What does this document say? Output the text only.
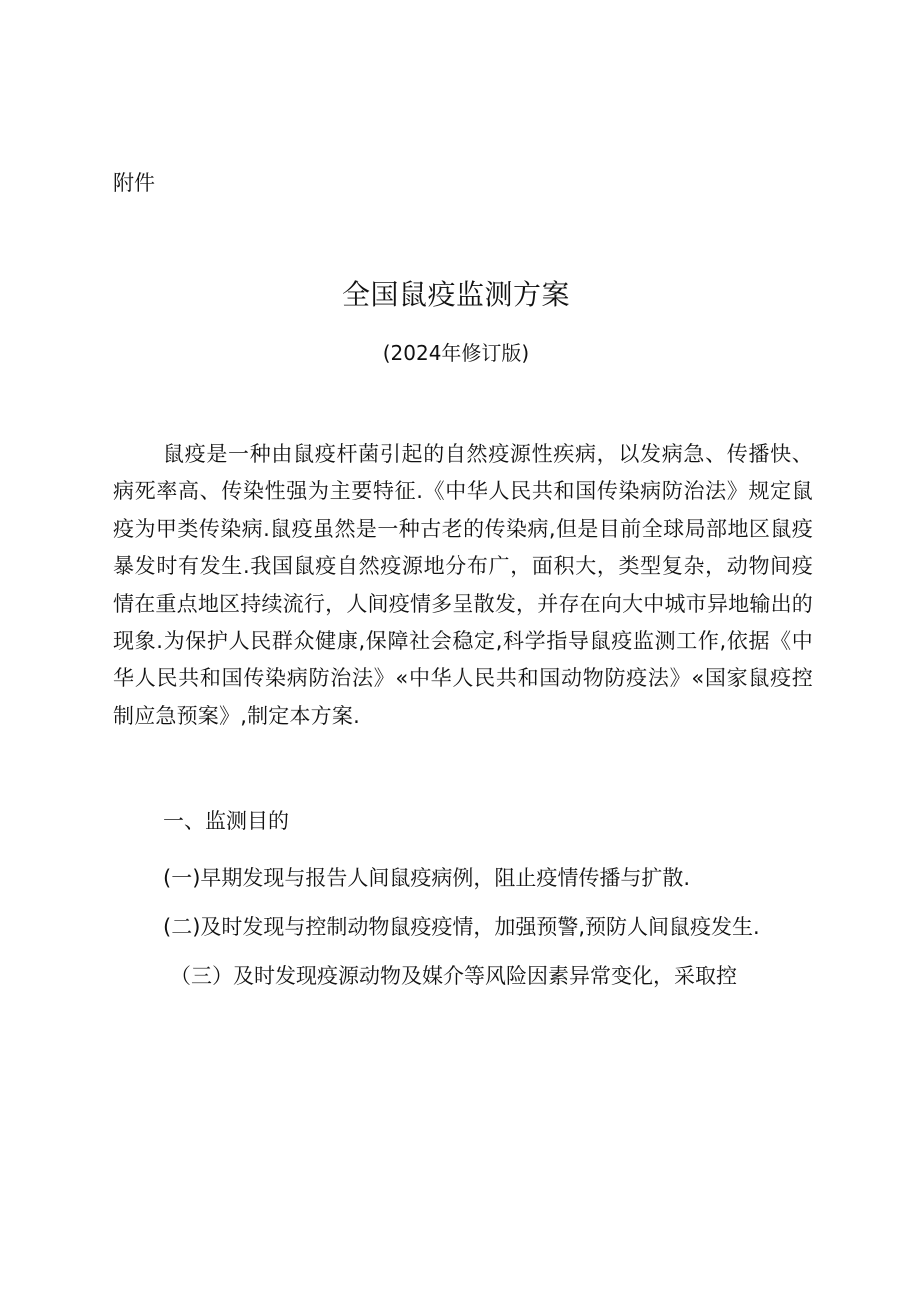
附件
全国鼠疫监测方案
(2024年修订版)
鼠疫是一种由鼠疫杆菌引起的自然疫源性疾病，以发病急、传播快、病死率高、传染性强为主要特征.《中华人民共和国传染病防治法》规定鼠疫为甲类传染病.鼠疫虽然是一种古老的传染病,但是目前全球局部地区鼠疫暴发时有发生.我国鼠疫自然疫源地分布广，面积大，类型复杂，动物间疫情在重点地区持续流行，人间疫情多呈散发，并存在向大中城市异地输出的现象.为保护人民群众健康,保障社会稳定,科学指导鼠疫监测工作,依据《中华人民共和国传染病防治法》«中华人民共和国动物防疫法》«国家鼠疫控制应急预案》,制定本方案.
一、监测目的
(一)早期发现与报告人间鼠疫病例，阻止疫情传播与扩散.
(二)及时发现与控制动物鼠疫疫情，加强预警,预防人间鼠疫发生.
（三）及时发现疫源动物及媒介等风险因素异常变化，采取控
